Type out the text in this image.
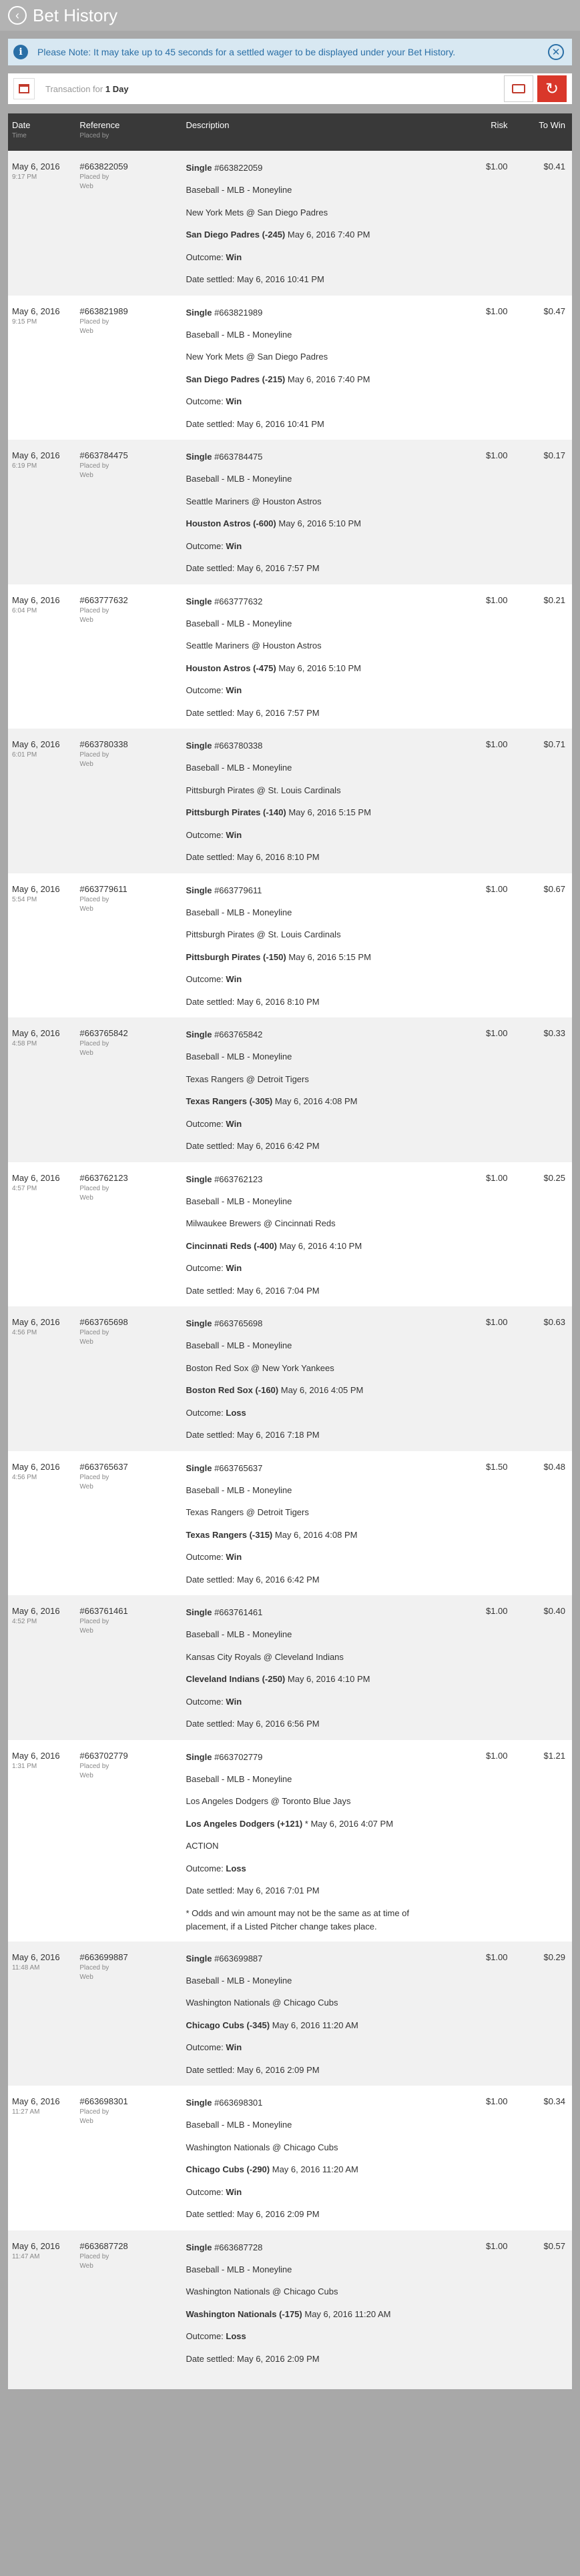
‹ Bet History
i	Please Note: It may take up to 45 seconds for a settled wager to be displayed under your Bet History.	✕
Transaction for 1 Day	↻
Date
Time
Reference
Placed by
Description	Risk	To Win
May 6, 2016
9:17 PM
#663822059
Placed by
Web
Single #663822059
Baseball - MLB - Moneyline
New York Mets @ San Diego Padres
San Diego Padres (-245) May 6, 2016 7:40 PM
Outcome: Win
Date settled: May 6, 2016 10:41 PM
$1.00	$0.41
May 6, 2016
9:15 PM
#663821989
Placed by
Web
Single #663821989
Baseball - MLB - Moneyline
New York Mets @ San Diego Padres
San Diego Padres (-215) May 6, 2016 7:40 PM
Outcome: Win
Date settled: May 6, 2016 10:41 PM
$1.00	$0.47
May 6, 2016
6:19 PM
#663784475
Placed by
Web
Single #663784475
Baseball - MLB - Moneyline
Seattle Mariners @ Houston Astros
Houston Astros (-600) May 6, 2016 5:10 PM
Outcome: Win
Date settled: May 6, 2016 7:57 PM
$1.00	$0.17
May 6, 2016
6:04 PM
#663777632
Placed by
Web
Single #663777632
Baseball - MLB - Moneyline
Seattle Mariners @ Houston Astros
Houston Astros (-475) May 6, 2016 5:10 PM
Outcome: Win
Date settled: May 6, 2016 7:57 PM
$1.00	$0.21
May 6, 2016
6:01 PM
#663780338
Placed by
Web
Single #663780338
Baseball - MLB - Moneyline
Pittsburgh Pirates @ St. Louis Cardinals
Pittsburgh Pirates (-140) May 6, 2016 5:15 PM
Outcome: Win
Date settled: May 6, 2016 8:10 PM
$1.00	$0.71
May 6, 2016
5:54 PM
#663779611
Placed by
Web
Single #663779611
Baseball - MLB - Moneyline
Pittsburgh Pirates @ St. Louis Cardinals
Pittsburgh Pirates (-150) May 6, 2016 5:15 PM
Outcome: Win
Date settled: May 6, 2016 8:10 PM
$1.00	$0.67
May 6, 2016
4:58 PM
#663765842
Placed by
Web
Single #663765842
Baseball - MLB - Moneyline
Texas Rangers @ Detroit Tigers
Texas Rangers (-305) May 6, 2016 4:08 PM
Outcome: Win
Date settled: May 6, 2016 6:42 PM
$1.00	$0.33
May 6, 2016
4:57 PM
#663762123
Placed by
Web
Single #663762123
Baseball - MLB - Moneyline
Milwaukee Brewers @ Cincinnati Reds
Cincinnati Reds (-400) May 6, 2016 4:10 PM
Outcome: Win
Date settled: May 6, 2016 7:04 PM
$1.00	$0.25
May 6, 2016
4:56 PM
#663765698
Placed by
Web
Single #663765698
Baseball - MLB - Moneyline
Boston Red Sox @ New York Yankees
Boston Red Sox (-160) May 6, 2016 4:05 PM
Outcome: Loss
Date settled: May 6, 2016 7:18 PM
$1.00	$0.63
May 6, 2016
4:56 PM
#663765637
Placed by
Web
Single #663765637
Baseball - MLB - Moneyline
Texas Rangers @ Detroit Tigers
Texas Rangers (-315) May 6, 2016 4:08 PM
Outcome: Win
Date settled: May 6, 2016 6:42 PM
$1.50	$0.48
May 6, 2016
4:52 PM
#663761461
Placed by
Web
Single #663761461
Baseball - MLB - Moneyline
Kansas City Royals @ Cleveland Indians
Cleveland Indians (-250) May 6, 2016 4:10 PM
Outcome: Win
Date settled: May 6, 2016 6:56 PM
$1.00	$0.40
May 6, 2016
1:31 PM
#663702779
Placed by
Web
Single #663702779
Baseball - MLB - Moneyline
Los Angeles Dodgers @ Toronto Blue Jays
Los Angeles Dodgers (+121) * May 6, 2016 4:07 PM
ACTION
Outcome: Loss
Date settled: May 6, 2016 7:01 PM
* Odds and win amount may not be the same as at time of placement, if a Listed Pitcher change takes place.
$1.00	$1.21
May 6, 2016
11:48 AM
#663699887
Placed by
Web
Single #663699887
Baseball - MLB - Moneyline
Washington Nationals @ Chicago Cubs
Chicago Cubs (-345) May 6, 2016 11:20 AM
Outcome: Win
Date settled: May 6, 2016 2:09 PM
$1.00	$0.29
May 6, 2016
11:27 AM
#663698301
Placed by
Web
Single #663698301
Baseball - MLB - Moneyline
Washington Nationals @ Chicago Cubs
Chicago Cubs (-290) May 6, 2016 11:20 AM
Outcome: Win
Date settled: May 6, 2016 2:09 PM
$1.00	$0.34
May 6, 2016
11:47 AM
#663687728
Placed by
Web
Single #663687728
Baseball - MLB - Moneyline
Washington Nationals @ Chicago Cubs
Washington Nationals (-175) May 6, 2016 11:20 AM
Outcome: Loss
Date settled: May 6, 2016 2:09 PM
$1.00	$0.57
